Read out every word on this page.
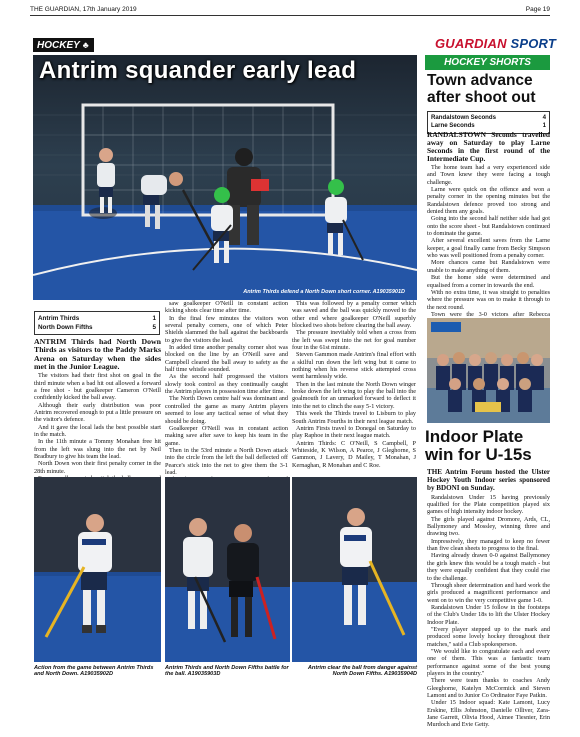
THE GUARDIAN, 17th January 2019	Page 19
HOCKEY ♣	GUARDIAN SPORT
Antrim squander early lead
Antrim Thirds defend a North Down short corner. A19035901D
Antrim Thirds	1
North Down Fifths	5

ANTRIM Thirds had North Down Thirds as visitors to the Paddy Marks Arena on Saturday when the sides met in the Junior League.

The visitors had their first shot on goal in the third minute when a bad hit out allowed a forward a free shot - but goalkeeper Cameron O'Neill confidently kicked the ball away.

Although their early distribution was poor Antrim recovered enough to put a little pressure on the visitor's defence.

And it gave the local lads the best possible start in the match.

In the 11th minute a Tommy Monahan free hit from the left was slung into the net by Neil Bradbury to give his team the lead.

North Down won their first penalty corner in the 28th minute.

saw goalkeeper O'Neill in constant action kicking shots clear time after time.

In the final few minutes the visitors won several penalty corners, one of which Peter Shields slammed the ball against the backboards to give the visitors the lead.

In added time another penalty corner shot was blocked on the line by an O'Neill save and Campbell cleared the ball away to safety as the half time whistle sounded.

As the second half progressed the visitors slowly took control as they continually caught the Antrim players in possession time after time.

The North Down centre half was dominant and controlled the game as many Antrim players seemed to lose any tactical sense of what they should be doing.

Goalkeeper O'Neill was in constant action making save after save to keep his team in the game.

Then in the 53rd minute a North Down attack into the circle from the left the ball deflected off Pearce's stick into the net to give them the 3-1 lead.

This was followed by a penalty corner which was saved and the ball was quickly moved to the other end where goalkeeper O'Neill superbly blocked two shots before clearing the ball away.

The pressure inevitably told when a cross from the left was swept into the net for goal number four in the 61st minute.

Steven Gammon made Antrim's final effort with a skilful run down the left wing but it came to nothing when his reverse stick attempted cross went harmlessly wide.

Then in the last minute the North Down winger broke down the left wing to play the ball into the goalmouth for an unmarked forward to deflect it into the net to clinch the easy 5-1 victory.

This week the Thirds travel to Lisburn to play South Antrim Fourths in their next league match.

Antrim Firsts travel to Donegal on Saturday to play Raphoe in their next league match.

Antrim Thirds: C O'Neill, S Campbell, P Whiteside, K Wilson, A Pearce, J Gleghorne, S Gammon, J Lavery, D Mailey, T Monahan, J Kernaghan, R Monahan and C Roe.

Action from the game between Antrim Thirds and North Down. A19035902D
Antrim Thirds and North Down Fifths battle for the ball. A19035903D
Antrim clear the ball from danger against North Down Fifths. A19035904D
HOCKEY SHORTS
Town advance after shoot out
Randalstown Seconds	4
Larne Seconds	1

RANDALSTOWN Seconds travelled away on Saturday to play Larne Seconds in the first round of the Intermediate Cup.

The home team had a very experienced side and Town knew they were facing a tough challenge.

Larne were quick on the offence and won a penalty corner in the opening minutes but the Randalstown defence proved too strong and denied them any goals.

Going into the second half neither side had got onto the score sheet - but Randalstown continued to dominate the game.

After several excellent saves from the Larne keeper, a goal finally came from Becky Simpson who was well positioned from a penalty corner.

More chances came but Randalstown were unable to make anything of them.

But the home side were determined and equalised from a corner in towards the end.

With no extra time, it was straight to penalties where the pressure was on to make it through to the next round.

Town were the 3-0 victors after Rebecca

Indoor Plate win for U-15s

THE Antrim Forum hosted the Ulster Hockey Youth Indoor series sponsored by BDONI on Sunday.

Randalstown Under 15 having previously qualified for the Plate competition played six games of high intensity indoor hockey.

The girls played against Dromore, Ards, CL, Ballymoney and Mossley, winning three and drawing two.

Impressively, they managed to keep no fewer than five clean sheets to progress to the final.

Having already drawn 0-0 against Ballymoney the girls knew this would be a tough match - but they were equally confident that they could rise to the challenge.

Through sheer determination and hard work the girls produced a magnificent performance and went on to win the very competitive game 1-0.

Randalstown Under 15 follow in the footsteps of the Club's Under 18s to lift the Ulster Hockey Indoor Plate.

"Every player stepped up to the mark and produced some lovely hockey throughout their matches," said a Club spokesperson.

"We would like to congratulate each and every one of them. This was a fantastic team performance against some of the best young players in the country."

There were team thanks to coaches Andy Gleeghorne, Katelyn McCormick and Steven Lamont and to Junior Co Ordinator Faye Patkin.

Under 15 Indoor squad: Kate Lamont, Lucy Erskine, Ellis Johnston, Danielle Olliver, Zara-Jane Garrett, Olivia Hood, Aimee Tiesnier, Erin Murdoch and Evie Getty.
